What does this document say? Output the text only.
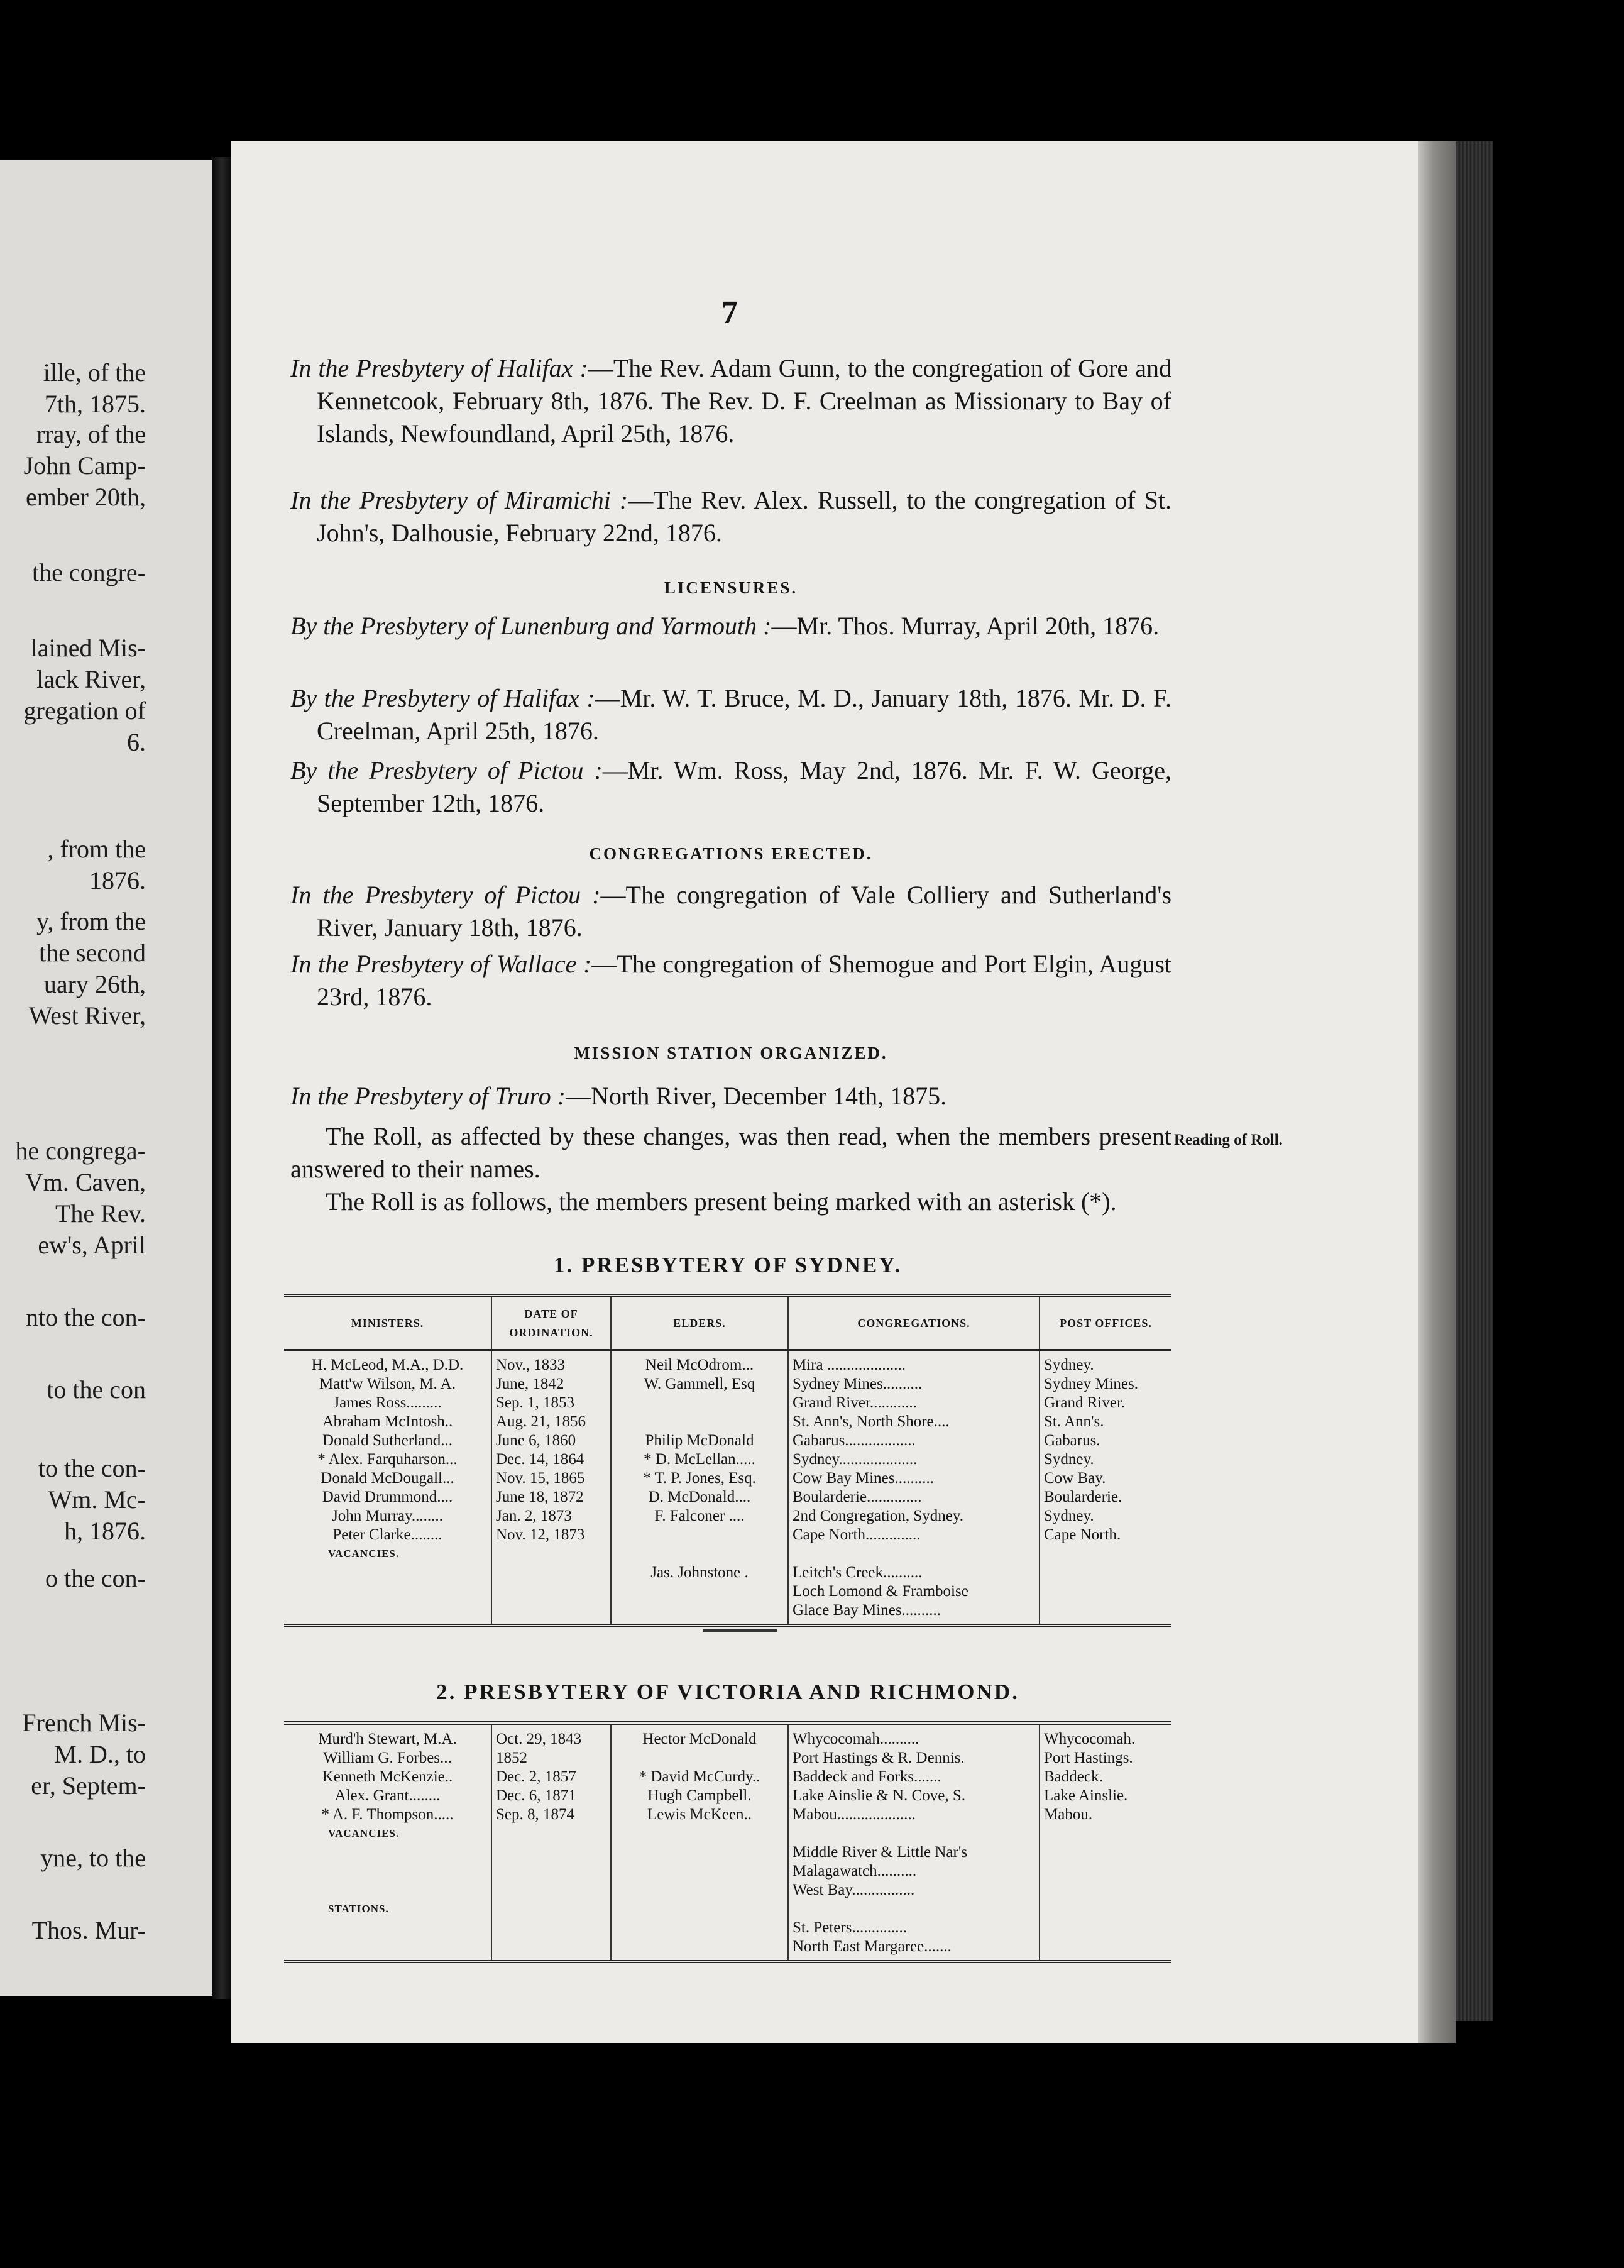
ille, of the
7th, 1875.
rray, of the
John Camp-
ember 20th,
the congre-
lained Mis-
lack River,
gregation of
6.
, from the
1876.
y, from the
the second
uary 26th,
West River,
he congrega-
Vm. Caven,
The Rev.
ew's, April
nto the con-
to the con
to the con-
Wm. Mc-
h, 1876.
o the con-
French Mis-
M. D., to
er, Septem-
yne, to the
Thos. Mur-
7
In the Presbytery of Halifax :—The Rev. Adam Gunn, to the congregation of Gore and Kennetcook, February 8th, 1876. The Rev. D. F. Creelman as Missionary to Bay of Islands, Newfoundland, April 25th, 1876.
In the Presbytery of Miramichi :—The Rev. Alex. Russell, to the congregation of St. John's, Dalhousie, February 22nd, 1876.
By the Presbytery of Lunenburg and Yarmouth :—Mr. Thos. Murray, April 20th, 1876.
By the Presbytery of Halifax :—Mr. W. T. Bruce, M. D., January 18th, 1876. Mr. D. F. Creelman, April 25th, 1876.
By the Presbytery of Pictou :—Mr. Wm. Ross, May 2nd, 1876. Mr. F. W. George, September 12th, 1876.
In the Presbytery of Pictou :—The congregation of Vale Colliery and Sutherland's River, January 18th, 1876.
In the Presbytery of Wallace :—The congregation of Shemogue and Port Elgin, August 23rd, 1876.
In the Presbytery of Truro :—North River, December 14th, 1875.
The Roll, as affected by these changes, was then read, when the members present answered to their names.
The Roll is as follows, the members present being marked with an asterisk (*).
LICENSURES.
CONGREGATIONS ERECTED.
MISSION STATION ORGANIZED.
1. PRESBYTERY OF SYDNEY.
MINISTERS.	DATE OF ORDINATION.	ELDERS.	CONGREGATIONS.	POST OFFICES.
H. McLeod, M.A., D.D.	Nov., 1833	Neil McOdrom...	Mira ....................	Sydney.
Matt'w Wilson, M. A.	June, 1842	W. Gammell, Esq	Sydney Mines..........	Sydney Mines.
James Ross.........	Sep. 1, 1853		Grand River............	Grand River.
Abraham McIntosh..	Aug. 21, 1856		St. Ann's, North Shore....	St. Ann's.
Donald Sutherland...	June 6, 1860	Philip McDonald	Gabarus..................	Gabarus.
* Alex. Farquharson...	Dec. 14, 1864	* D. McLellan.....	Sydney....................	Sydney.
Donald McDougall...	Nov. 15, 1865	* T. P. Jones, Esq.	Cow Bay Mines..........	Cow Bay.
David Drummond....	June 18, 1872	D. McDonald....	Boularderie..............	Boularderie.
John Murray........	Jan. 2, 1873	F. Falconer ....	2nd Congregation, Sydney.	Sydney.
Peter Clarke........	Nov. 12, 1873		Cape North..............	Cape North.
VACANCIES.				
		Jas. Johnstone .	Leitch's Creek..........	
			Loch Lomond & Framboise	
			Glace Bay Mines..........	
2. PRESBYTERY OF VICTORIA AND RICHMOND.
Murd'h Stewart, M.A.	Oct. 29, 1843	Hector McDonald	Whycocomah..........	Whycocomah.
William G. Forbes...	1852		Port Hastings & R. Dennis.	Port Hastings.
Kenneth McKenzie..	Dec. 2, 1857	* David McCurdy..	Baddeck and Forks.......	Baddeck.
Alex. Grant........	Dec. 6, 1871	Hugh Campbell.	Lake Ainslie & N. Cove, S.	Lake Ainslie.
* A. F. Thompson.....	Sep. 8, 1874	Lewis McKeen..	Mabou....................	Mabou.
VACANCIES.				
			Middle River & Little Nar's	
			Malagawatch..........	
			West Bay................	
STATIONS.				
			St. Peters..............	
			North East Margaree.......	
Reading of Roll.
